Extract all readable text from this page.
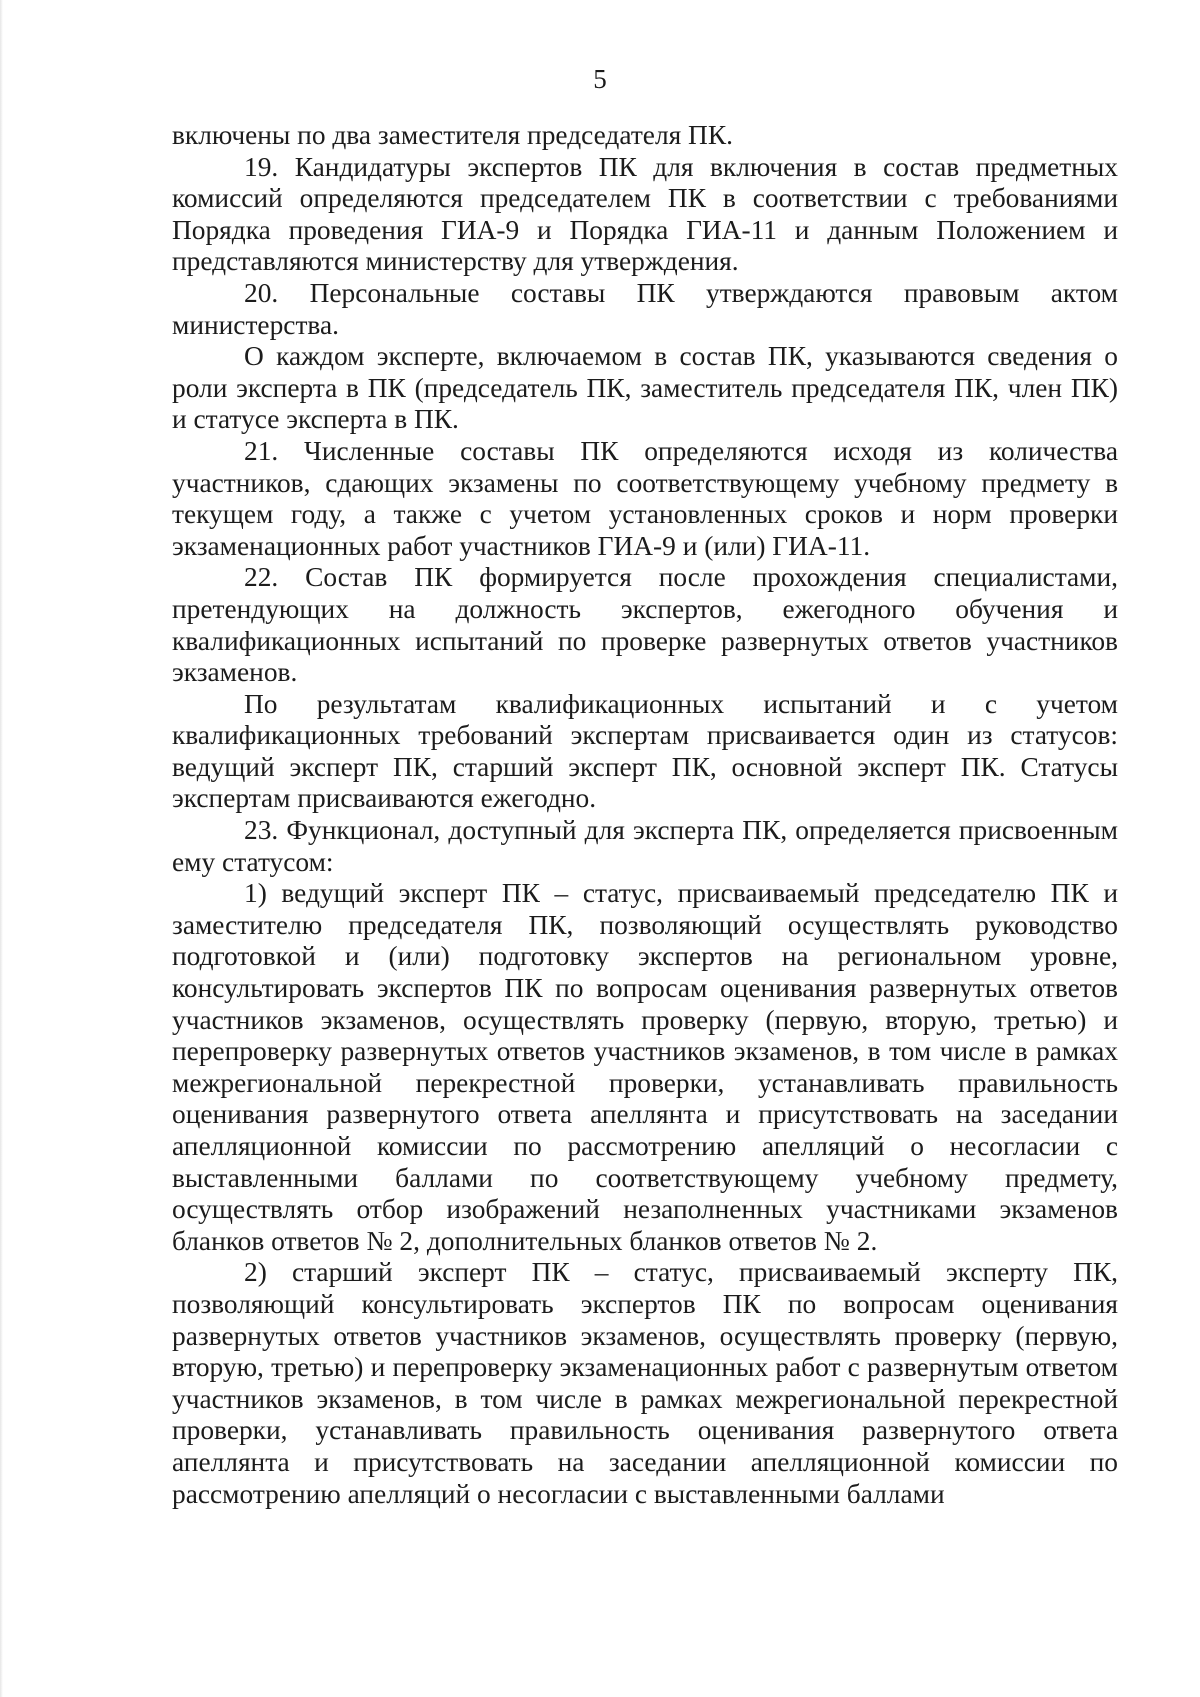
5

включены по два заместителя председателя ПК.

19. Кандидатуры экспертов ПК для включения в состав предметных комиссий определяются председателем ПК в соответствии с требованиями Порядка проведения ГИА-9 и Порядка ГИА-11 и данным Положением и представляются министерству для утверждения.

20. Персональные составы ПК утверждаются правовым актом министерства.

О каждом эксперте, включаемом в состав ПК, указываются сведения о роли эксперта в ПК (председатель ПК, заместитель председателя ПК, член ПК) и статусе эксперта в ПК.

21. Численные составы ПК определяются исходя из количества участников, сдающих экзамены по соответствующему учебному предмету в текущем году, а также с учетом установленных сроков и норм проверки экзаменационных работ участников ГИА-9 и (или) ГИА-11.

22. Состав ПК формируется после прохождения специалистами, претендующих на должность экспертов, ежегодного обучения и квалификационных испытаний по проверке развернутых ответов участников экзаменов.

По результатам квалификационных испытаний и с учетом квалификационных требований экспертам присваивается один из статусов: ведущий эксперт ПК, старший эксперт ПК, основной эксперт ПК. Статусы экспертам присваиваются ежегодно.

23. Функционал, доступный для эксперта ПК, определяется присвоенным ему статусом:

1) ведущий эксперт ПК – статус, присваиваемый председателю ПК и заместителю председателя ПК, позволяющий осуществлять руководство подготовкой и (или) подготовку экспертов на региональном уровне, консультировать экспертов ПК по вопросам оценивания развернутых ответов участников экзаменов, осуществлять проверку (первую, вторую, третью) и перепроверку развернутых ответов участников экзаменов, в том числе в рамках межрегиональной перекрестной проверки, устанавливать правильность оценивания развернутого ответа апеллянта и присутствовать на заседании апелляционной комиссии по рассмотрению апелляций о несогласии с выставленными баллами по соответствующему учебному предмету, осуществлять отбор изображений незаполненных участниками экзаменов бланков ответов № 2, дополнительных бланков ответов № 2.

2) старший эксперт ПК – статус, присваиваемый эксперту ПК, позволяющий консультировать экспертов ПК по вопросам оценивания развернутых ответов участников экзаменов, осуществлять проверку (первую, вторую, третью) и перепроверку экзаменационных работ с развернутым ответом участников экзаменов, в том числе в рамках межрегиональной перекрестной проверки, устанавливать правильность оценивания развернутого ответа апеллянта и присутствовать на заседании апелляционной комиссии по рассмотрению апелляций о несогласии с выставленными баллами
